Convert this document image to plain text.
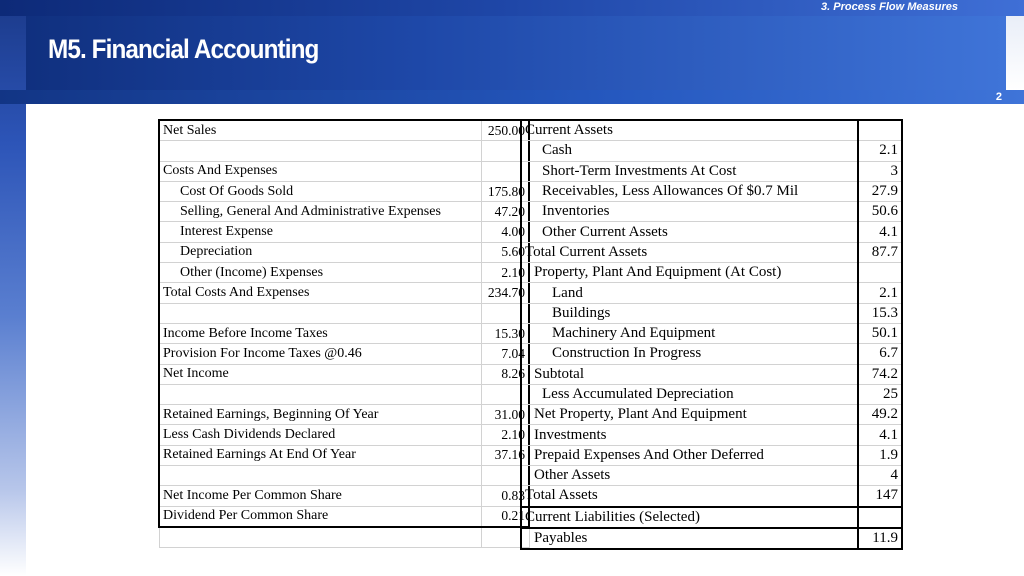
3. Process Flow Measures
M5. Financial Accounting
2
Net Sales	250.00

Costs And Expenses	
Cost Of Goods Sold	175.80
Selling, General And Administrative Expenses	47.20
Interest Expense	4.00
Depreciation	5.60
Other (Income) Expenses	2.10
Total Costs And Expenses	234.70

Income Before Income Taxes	15.30
Provision For Income Taxes @0.46	7.04
Net Income	8.26

Retained Earnings, Beginning Of Year	31.00
Less Cash Dividends Declared	2.10
Retained Earnings At End Of Year	37.16

Net Income Per Common Share	0.83
Dividend Per Common Share	0.21

Current Assets	
Cash	2.1
Short-Term Investments At Cost	3
Receivables, Less Allowances Of $0.7 Mil	27.9
Inventories	50.6
Other Current Assets	4.1
Total Current Assets	87.7
Property, Plant And Equipment (At Cost)	
Land	2.1
Buildings	15.3
Machinery And Equipment	50.1
Construction In Progress	6.7
Subtotal	74.2
Less Accumulated Depreciation	25
Net Property, Plant And Equipment	49.2
Investments	4.1
Prepaid Expenses And Other Deferred	1.9
Other Assets	4
Total Assets	147
Current Liabilities (Selected)	
Payables	11.9
